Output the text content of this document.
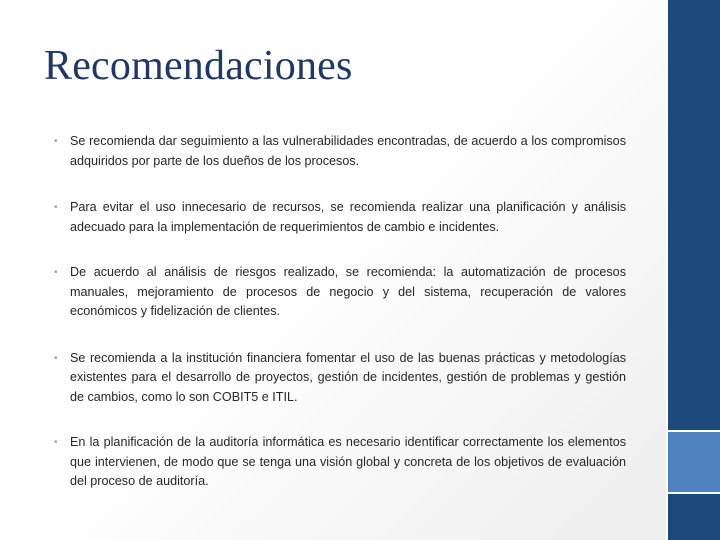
Recomendaciones
• Se recomienda dar seguimiento a las vulnerabilidades encontradas, de acuerdo a los compromisos adquiridos por parte de los dueños de los procesos.
• Para evitar el uso innecesario de recursos, se recomienda realizar una planificación y análisis adecuado para la implementación de requerimientos de cambio e incidentes.
• De acuerdo al análisis de riesgos realizado, se recomienda: la automatización de procesos manuales, mejoramiento de procesos de negocio y del sistema, recuperación de valores económicos y fidelización de clientes.
• Se recomienda a la institución financiera fomentar el uso de las buenas prácticas y metodologías existentes para el desarrollo de proyectos, gestión de incidentes, gestión de problemas y gestión de cambios, como lo son COBIT5 e ITIL.
• En la planificación de la auditoría informática es necesario identificar correctamente los elementos que intervienen, de modo que se tenga una visión global y concreta de los objetivos de evaluación del proceso de auditoría.
